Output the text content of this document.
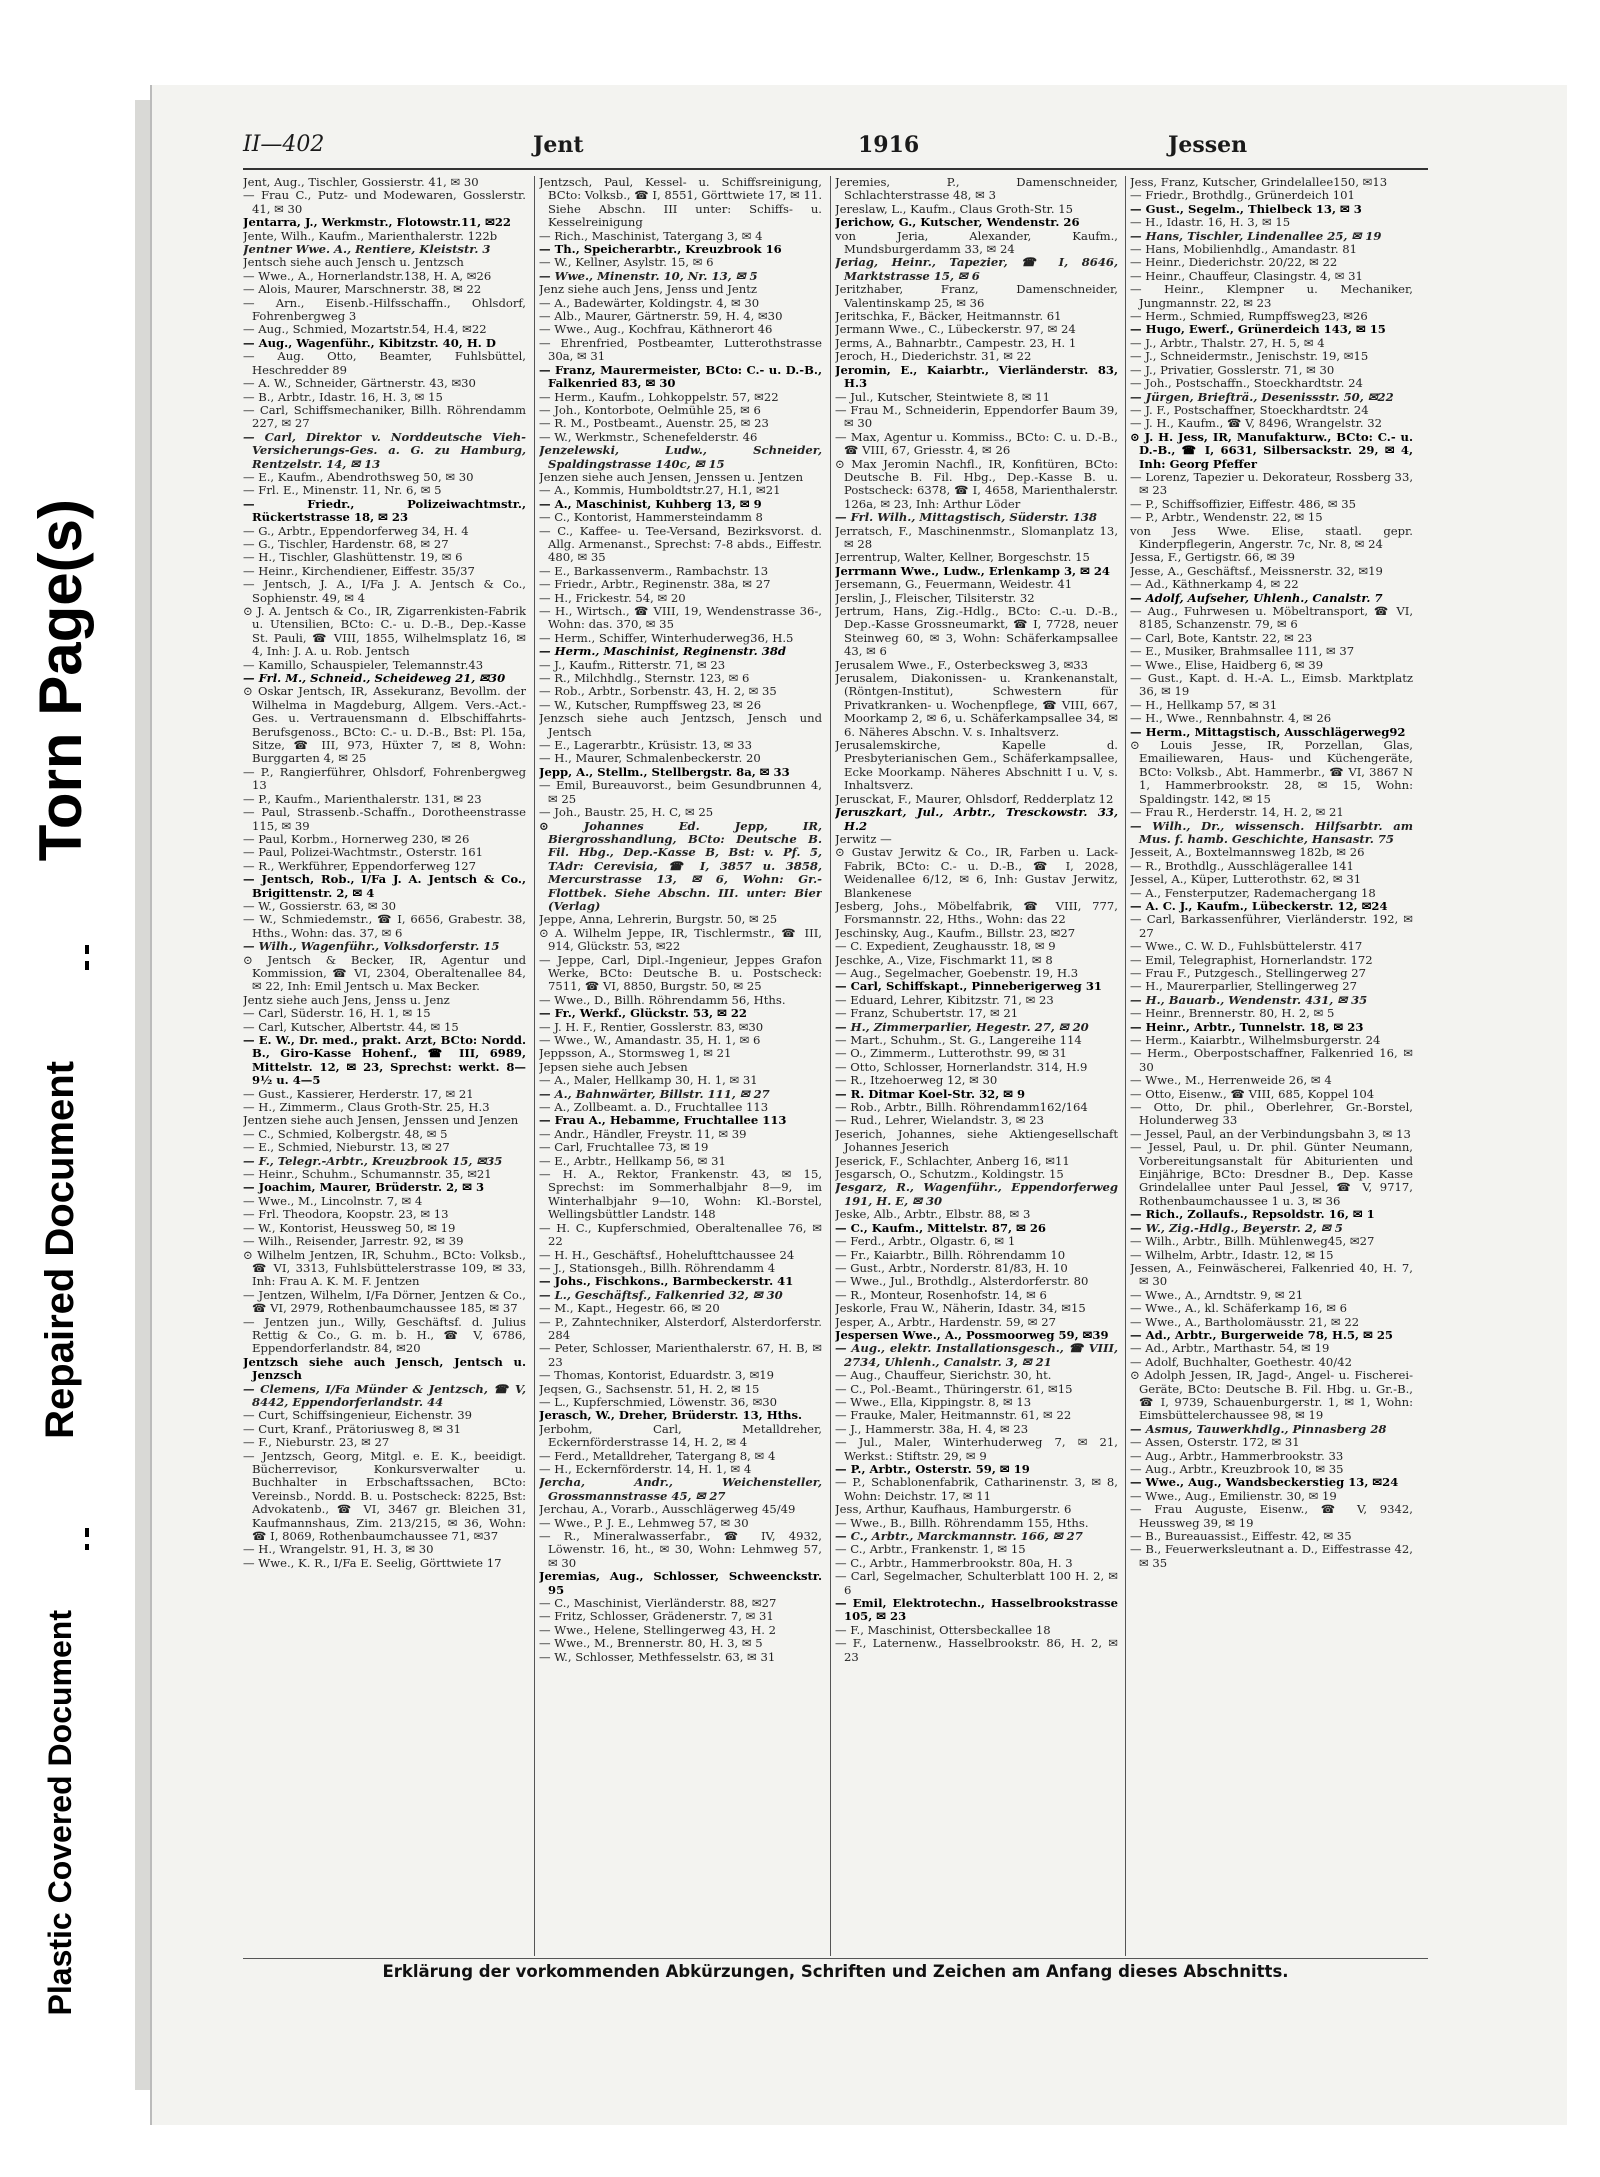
Torn Page(s)
Repaired Document
Plastic Covered Document
II—402	Jent	1916	Jessen

Jent, Aug., Tischler, Gossierstr. 41, ✉ 30

— Frau C., Putz- und Modewaren, Gosslerstr. 41, ✉ 30

Jentarra, J., Werkmstr., Flotowstr.11, ✉22

Jente, Wilh., Kaufm., Marienthalerstr. 122b

Jentner Wwe. A., Rentiere, Kleiststr. 3

Jentsch siehe auch Jensch u. Jentzsch

— Wwe., A., Hornerlandstr.138, H. A, ✉26

— Alois, Maurer, Marschnerstr. 38, ✉ 22

— Arn., Eisenb.-Hilfsschaffn., Ohlsdorf, Fohrenbergweg 3

— Aug., Schmied, Mozartstr.54, H.4, ✉22

— Aug., Wagenführ., Kibitzstr. 40, H. D

— Aug. Otto, Beamter, Fuhlsbüttel, Heschredder 89

— A. W., Schneider, Gärtnerstr. 43, ✉30

— B., Arbtr., Idastr. 16, H. 3, ✉ 15

— Carl, Schiffsmechaniker, Billh. Röhrendamm 227, ✉ 27

— Carl, Direktor v. Norddeutsche Vieh-Versicherungs-Ges. a. G. zu Hamburg, Rentzelstr. 14, ✉ 13

— E., Kaufm., Abendrothsweg 50, ✉ 30

— Frl. E., Minenstr. 11, Nr. 6, ✉ 5

— Friedr., Polizeiwachtmstr., Rückertstrasse 18, ✉ 23

— G., Arbtr., Eppendorferweg 34, H. 4

— G., Tischler, Hardenstr. 68, ✉ 27

— H., Tischler, Glashüttenstr. 19, ✉ 6

— Heinr., Kirchendiener, Eiffestr. 35/37

— Jentsch, J. A., I/Fa J. A. Jentsch & Co., Sophienstr. 49, ✉ 4

⊙ J. A. Jentsch & Co., IR, Zigarrenkisten-Fabrik u. Utensilien, BCto: C.- u. D.-B., Dep.-Kasse St. Pauli, ☎ VIII, 1855, Wilhelmsplatz 16, ✉ 4, Inh: J. A. u. Rob. Jentsch

— Kamillo, Schauspieler, Telemannstr.43

— Frl. M., Schneid., Scheideweg 21, ✉30

⊙ Oskar Jentsch, IR, Assekuranz, Bevollm. der Wilhelma in Magdeburg, Allgem. Vers.-Act.-Ges. u. Vertrauensmann d. Elbschiffahrts-Berufsgenoss., BCto: C.- u. D.-B., Bst: Pl. 15a, Sitze, ☎ III, 973, Hüxter 7, ✉ 8, Wohn: Burggarten 4, ✉ 25

— P., Rangierführer, Ohlsdorf, Fohrenbergweg 13

— P., Kaufm., Marienthalerstr. 131, ✉ 23

— Paul, Strassenb.-Schaffn., Dorotheenstrasse 115, ✉ 39

— Paul, Korbm., Hornerweg 230, ✉ 26

— Paul, Polizei-Wachtmstr., Osterstr. 161

— R., Werkführer, Eppendorferweg 127

— Jentsch, Rob., I/Fa J. A. Jentsch & Co., Brigittenstr. 2, ✉ 4

— W., Gossierstr. 63, ✉ 30

— W., Schmiedemstr., ☎ I, 6656, Grabestr. 38, Hths., Wohn: das. 37, ✉ 6

— Wilh., Wagenführ., Volksdorferstr. 15

⊙ Jentsch & Becker, IR, Agentur und Kommission, ☎ VI, 2304, Oberaltenallee 84, ✉ 22, Inh: Emil Jentsch u. Max Becker.

Jentz siehe auch Jens, Jenss u. Jenz

— Carl, Süderstr. 16, H. 1, ✉ 15

— Carl, Kutscher, Albertstr. 44, ✉ 15

— E. W., Dr. med., prakt. Arzt, BCto: Nordd. B., Giro-Kasse Hohenf., ☎ III, 6989, Mittelstr. 12, ✉ 23, Sprechst: werkt. 8—9½ u. 4—5

— Gust., Kassierer, Herderstr. 17, ✉ 21

— H., Zimmerm., Claus Groth-Str. 25, H.3

Jentzen siehe auch Jensen, Jenssen und Jenzen

— C., Schmied, Kolbergstr. 48, ✉ 5

— E., Schmied, Nieburstr. 13, ✉ 27

— F., Telegr.-Arbtr., Kreuzbrook 15, ✉35

— Heinr., Schuhm., Schumannstr. 35, ✉21

— Joachim, Maurer, Brüderstr. 2, ✉ 3

— Wwe., M., Lincolnstr. 7, ✉ 4

— Frl. Theodora, Koopstr. 23, ✉ 13

— W., Kontorist, Heussweg 50, ✉ 19

— Wilh., Reisender, Jarrestr. 92, ✉ 39

⊙ Wilhelm Jentzen, IR, Schuhm., BCto: Volksb., ☎ VI, 3313, Fuhlsbüttelerstrasse 109, ✉ 33, Inh: Frau A. K. M. F. Jentzen

— Jentzen, Wilhelm, I/Fa Dörner, Jentzen & Co., ☎ VI, 2979, Rothenbaumchaussee 185, ✉ 37

— Jentzen jun., Willy, Geschäftsf. d. Julius Rettig & Co., G. m. b. H., ☎ V, 6786, Eppendorferlandstr. 84, ✉20

Jentzsch siehe auch Jensch, Jentsch u. Jenzsch

— Clemens, I/Fa Münder & Jentzsch, ☎ V, 8442, Eppendorferlandstr. 44

— Curt, Schiffsingenieur, Eichenstr. 39

— Curt, Kranf., Prätoriusweg 8, ✉ 31

— F., Nieburstr. 23, ✉ 27

— Jentzsch, Georg, Mitgl. e. E. K., beeidigt. Bücherrevisor, Konkursverwalter u. Buchhalter in Erbschaftssachen, BCto: Vereinsb., Nordd. B. u. Postscheck: 8225, Bst: Advokatenb., ☎ VI, 3467 gr. Bleichen 31, Kaufmannshaus, Zim. 213/215, ✉ 36, Wohn: ☎ I, 8069, Rothenbaumchaussee 71, ✉37

— H., Wrangelstr. 91, H. 3, ✉ 30

— Wwe., K. R., I/Fa E. Seelig, Görttwiete 17

Jentzsch, Paul, Kessel- u. Schiffsreinigung, BCto: Volksb., ☎ I, 8551, Görttwiete 17, ✉ 11. Siehe Abschn. III unter: Schiffs- u. Kesselreinigung

— Rich., Maschinist, Tatergang 3, ✉ 4

— Th., Speicherarbtr., Kreuzbrook 16

— W., Kellner, Asylstr. 15, ✉ 6

— Wwe., Minenstr. 10, Nr. 13, ✉ 5

Jenz siehe auch Jens, Jenss und Jentz

— A., Badewärter, Koldingstr. 4, ✉ 30

— Alb., Maurer, Gärtnerstr. 59, H. 4, ✉30

— Wwe., Aug., Kochfrau, Käthnerort 46

— Ehrenfried, Postbeamter, Lutterothstrasse 30a, ✉ 31

— Franz, Maurermeister, BCto: C.- u. D.-B., Falkenried 83, ✉ 30

— Herm., Kaufm., Lohkoppelstr. 57, ✉22

— Joh., Kontorbote, Oelmühle 25, ✉ 6

— R. M., Postbeamt., Auenstr. 25, ✉ 23

— W., Werkmstr., Schenefelderstr. 46

Jenzelewski, Ludw., Schneider, Spaldingstrasse 140c, ✉ 15

Jenzen siehe auch Jensen, Jenssen u. Jentzen

— A., Kommis, Humboldtstr.27, H.1, ✉21

— A., Maschinist, Kuhberg 13, ✉ 9

— C., Kontorist, Hammersteindamm 8

— C., Kaffee- u. Tee-Versand, Bezirksvorst. d. Allg. Armenanst., Sprechst: 7-8 abds., Eiffestr. 480, ✉ 35

— E., Barkassenverm., Rambachstr. 13

— Friedr., Arbtr., Reginenstr. 38a, ✉ 27

— H., Frickestr. 54, ✉ 20

— H., Wirtsch., ☎ VIII, 19, Wendenstrasse 36-, Wohn: das. 370, ✉ 35

— Herm., Schiffer, Winterhuderweg36, H.5

— Herm., Maschinist, Reginenstr. 38d

— J., Kaufm., Ritterstr. 71, ✉ 23

— R., Milchhdlg., Sternstr. 123, ✉ 6

— Rob., Arbtr., Sorbenstr. 43, H. 2, ✉ 35

— W., Kutscher, Rumpffsweg 23, ✉ 26

Jenzsch siehe auch Jentzsch, Jensch und Jentsch

— E., Lagerarbtr., Krüsistr. 13, ✉ 33

— H., Maurer, Schmalenbeckerstr. 20

Jepp, A., Stellm., Stellbergstr. 8a, ✉ 33

— Emil, Bureauvorst., beim Gesundbrunnen 4, ✉ 25

— Joh., Baustr. 25, H. C, ✉ 25

⊙ Johannes Ed. Jepp, IR, Biergrosshandlung, BCto: Deutsche B. Fil. Hbg., Dep.-Kasse B, Bst: v. Pf. 5, TAdr: Cerevisia, ☎ I, 3857 u. 3858, Mercurstrasse 13, ✉ 6, Wohn: Gr.-Flottbek. Siehe Abschn. III. unter: Bier (Verlag)

Jeppe, Anna, Lehrerin, Burgstr. 50, ✉ 25

⊙ A. Wilhelm Jeppe, IR, Tischlermstr., ☎ III, 914, Glückstr. 53, ✉22

— Jeppe, Carl, Dipl.-Ingenieur, Jeppes Grafon Werke, BCto: Deutsche B. u. Postscheck: 7511, ☎ VI, 8850, Burgstr. 50, ✉ 25

— Wwe., D., Billh. Röhrendamm 56, Hths.

— Fr., Werkf., Glückstr. 53, ✉ 22

— J. H. F., Rentier, Gosslerstr. 83, ✉30

— Wwe., W., Amandastr. 35, H. 1, ✉ 6

Jeppsson, A., Stormsweg 1, ✉ 21

Jepsen siehe auch Jebsen

— A., Maler, Hellkamp 30, H. 1, ✉ 31

— A., Bahnwärter, Billstr. 111, ✉ 27

— A., Zollbeamt. a. D., Fruchtallee 113

— Frau A., Hebamme, Fruchtallee 113

— Andr., Händler, Freystr. 11, ✉ 39

— Carl, Fruchtallee 73, ✉ 19

— E., Arbtr., Hellkamp 56, ✉ 31

— H. A., Rektor, Frankenstr. 43, ✉ 15, Sprechst: im Sommerhalbjahr 8—9, im Winterhalbjahr 9—10, Wohn: Kl.-Borstel, Wellingsbüttler Landstr. 148

— H. C., Kupferschmied, Oberaltenallee 76, ✉ 22

— H. H., Geschäftsf., Hohelufttchaussee 24

— J., Stationsgeh., Billh. Röhrendamm 4

— Johs., Fischkons., Barmbeckerstr. 41

— L., Geschäftsf., Falkenried 32, ✉ 30

— M., Kapt., Hegestr. 66, ✉ 20

— P., Zahntechniker, Alsterdorf, Alsterdorferstr. 284

— Peter, Schlosser, Marienthalerstr. 67, H. B, ✉ 23

— Thomas, Kontorist, Eduardstr. 3, ✉19

Jeqsen, G., Sachsenstr. 51, H. 2, ✉ 15

— L., Kupferschmied, Löwenstr. 36, ✉30

Jerasch, W., Dreher, Brüderstr. 13, Hths.

Jerbohm, Carl, Metalldreher, Eckernförderstrasse 14, H. 2, ✉ 4

— Ferd., Metalldreher, Tatergang 8, ✉ 4

— H., Eckernförderstr. 14, H. 1, ✉ 4

Jercha, Andr., Weichensteller, Grossmannstrasse 45, ✉ 27

Jerchau, A., Vorarb., Ausschlägerweg 45/49

— Wwe., P. J. E., Lehmweg 57, ✉ 30

— R., Mineralwasserfabr., ☎ IV, 4932, Löwenstr. 16, ht., ✉ 30, Wohn: Lehmweg 57, ✉ 30

Jeremias, Aug., Schlosser, Schweenckstr. 95

— C., Maschinist, Vierländerstr. 88, ✉27

— Fritz, Schlosser, Grädenerstr. 7, ✉ 31

— Wwe., Helene, Stellingerweg 43, H. 2

— Wwe., M., Brennerstr. 80, H. 3, ✉ 5

— W., Schlosser, Methfesselstr. 63, ✉ 31

Jeremies, P., Damenschneider, Schlachterstrasse 48, ✉ 3

Jereslaw, L., Kaufm., Claus Groth-Str. 15

Jerichow, G., Kutscher, Wendenstr. 26

von Jeria, Alexander, Kaufm., Mundsburgerdamm 33, ✉ 24

Jeriag, Heinr., Tapezier, ☎ I, 8646, Marktstrasse 15, ✉ 6

Jeritzhaber, Franz, Damenschneider, Valentinskamp 25, ✉ 36

Jeritschka, F., Bäcker, Heitmannstr. 61

Jermann Wwe., C., Lübeckerstr. 97, ✉ 24

Jerms, A., Bahnarbtr., Campestr. 23, H. 1

Jeroch, H., Diederichstr. 31, ✉ 22

Jeromin, E., Kaiarbtr., Vierländerstr. 83, H.3

— Jul., Kutscher, Steintwiete 8, ✉ 11

— Frau M., Schneiderin, Eppendorfer Baum 39, ✉ 30

— Max, Agentur u. Kommiss., BCto: C. u. D.-B., ☎ VIII, 67, Griesstr. 4, ✉ 26

⊙ Max Jeromin Nachfl., IR, Konfitüren, BCto: Deutsche B. Fil. Hbg., Dep.-Kasse B. u. Postscheck: 6378, ☎ I, 4658, Marienthalerstr. 126a, ✉ 23, Inh: Arthur Löder

— Frl. Wilh., Mittagstisch, Süderstr. 138

Jerratsch, F., Maschinenmstr., Slomanplatz 13, ✉ 28

Jerrentrup, Walter, Kellner, Borgeschstr. 15

Jerrmann Wwe., Ludw., Erlenkamp 3, ✉ 24

Jersemann, G., Feuermann, Weidestr. 41

Jerslin, J., Fleischer, Tilsiterstr. 32

Jertrum, Hans, Zig.-Hdlg., BCto: C.-u. D.-B., Dep.-Kasse Grossneumarkt, ☎ I, 7728, neuer Steinweg 60, ✉ 3, Wohn: Schäferkampsallee 43, ✉ 6

Jerusalem Wwe., F., Osterbecksweg 3, ✉33

Jerusalem, Diakonissen- u. Krankenanstalt, (Röntgen-Institut), Schwestern für Privatkranken- u. Wochenpflege, ☎ VIII, 667, Moorkamp 2, ✉ 6, u. Schäferkampsallee 34, ✉ 6. Näheres Abschn. V. s. Inhaltsverz.

Jerusalemskirche, Kapelle d. Presbyterianischen Gem., Schäferkampsallee, Ecke Moorkamp. Näheres Abschnitt I u. V, s. Inhaltsverz.

Jerusckat, F., Maurer, Ohlsdorf, Redderplatz 12

Jeruszkart, Jul., Arbtr., Tresckowstr. 33, H.2

Jerwitz —

⊙ Gustav Jerwitz & Co., IR, Farben u. Lack-Fabrik, BCto: C.- u. D.-B., ☎ I, 2028, Weidenallee 6/12, ✉ 6, Inh: Gustav Jerwitz, Blankenese

Jesberg, Johs., Möbelfabrik, ☎ VIII, 777, Forsmannstr. 22, Hths., Wohn: das 22

Jeschinsky, Aug., Kaufm., Billstr. 23, ✉27

— C. Expedient, Zeughausstr. 18, ✉ 9

Jeschke, A., Vize, Fischmarkt 11, ✉ 8

— Aug., Segelmacher, Goebenstr. 19, H.3

— Carl, Schiffskapt., Pinneberigerweg 31

— Eduard, Lehrer, Kibitzstr. 71, ✉ 23

— Franz, Schubertstr. 17, ✉ 21

— H., Zimmerparlier, Hegestr. 27, ✉ 20

— Mart., Schuhm., St. G., Langereihe 114

— O., Zimmerm., Lutterothstr. 99, ✉ 31

— Otto, Schlosser, Hornerlandstr. 314, H.9

— R., Itzehoerweg 12, ✉ 30

— R. Ditmar Koel-Str. 32, ✉ 9

— Rob., Arbtr., Billh. Röhrendamm162/164

— Rud., Lehrer, Wielandstr. 3, ✉ 23

Jeserich, Johannes, siehe Aktiengesellschaft Johannes Jeserich

Jeserick, F., Schlachter, Anberg 16, ✉11

Jesgarsch, O., Schutzm., Koldingstr. 15

Jesgarz, R., Wagenführ., Eppendorferweg 191, H. E, ✉ 30

Jeske, Alb., Arbtr., Elbstr. 88, ✉ 3

— C., Kaufm., Mittelstr. 87, ✉ 26

— Ferd., Arbtr., Olgastr. 6, ✉ 1

— Fr., Kaiarbtr., Billh. Röhrendamm 10

— Gust., Arbtr., Norderstr. 81/83, H. 10

— Wwe., Jul., Brothdlg., Alsterdorferstr. 80

— R., Monteur, Rosenhofstr. 14, ✉ 6

Jeskorle, Frau W., Näherin, Idastr. 34, ✉15

Jesper, A., Arbtr., Hardenstr. 59, ✉ 27

Jespersen Wwe., A., Possmoorweg 59, ✉39

— Aug., elektr. Installationsgesch., ☎ VIII, 2734, Uhlenh., Canalstr. 3, ✉ 21

— Aug., Chauffeur, Sierichstr. 30, ht.

— C., Pol.-Beamt., Thüringerstr. 61, ✉15

— Wwe., Ella, Kippingstr. 8, ✉ 13

— Frauke, Maler, Heitmannstr. 61, ✉ 22

— J., Hammerstr. 38a, H. 4, ✉ 23

— Jul., Maler, Winterhuderweg 7, ✉ 21, Werkst.: Stiftstr. 29, ✉ 9

— P., Arbtr., Osterstr. 59, ✉ 19

— P., Schablonenfabrik, Catharinenstr. 3, ✉ 8, Wohn: Deichstr. 17, ✉ 11

Jess, Arthur, Kaufhaus, Hamburgerstr. 6

— Wwe., B., Billh. Röhrendamm 155, Hths.

— C., Arbtr., Marckmannstr. 166, ✉ 27

— C., Arbtr., Frankenstr. 1, ✉ 15

— C., Arbtr., Hammerbrookstr. 80a, H. 3

— Carl, Segelmacher, Schulterblatt 100 H. 2, ✉ 6

— Emil, Elektrotechn., Hasselbrookstrasse 105, ✉ 23

— F., Maschinist, Ottersbeckallee 18

— F., Laternenw., Hasselbrookstr. 86, H. 2, ✉ 23

Jess, Franz, Kutscher, Grindelallee150, ✉13

— Friedr., Brothdlg., Grünerdeich 101

— Gust., Segelm., Thielbeck 13, ✉ 3

— H., Idastr. 16, H. 3, ✉ 15

— Hans, Tischler, Lindenallee 25, ✉ 19

— Hans, Mobilienhdlg., Amandastr. 81

— Heinr., Diederichstr. 20/22, ✉ 22

— Heinr., Chauffeur, Clasingstr. 4, ✉ 31

— Heinr., Klempner u. Mechaniker, Jungmannstr. 22, ✉ 23

— Herm., Schmied, Rumpffsweg23, ✉26

— Hugo, Ewerf., Grünerdeich 143, ✉ 15

— J., Arbtr., Thalstr. 27, H. 5, ✉ 4

— J., Schneidermstr., Jenischstr. 19, ✉15

— J., Privatier, Gosslerstr. 71, ✉ 30

— Joh., Postschaffn., Stoeckhardtstr. 24

— Jürgen, Briefträ., Desenissstr. 50, ✉22

— J. F., Postschaffner, Stoeckhardtstr. 24

— J. H., Kaufm., ☎ V, 8496, Wrangelstr. 32

⊙ J. H. Jess, IR, Manufakturw., BCto: C.- u. D.-B., ☎ I, 6631, Silbersackstr. 29, ✉ 4, Inh: Georg Pfeffer

— Lorenz, Tapezier u. Dekorateur, Rossberg 33, ✉ 23

— P., Schiffsoffizier, Eiffestr. 486, ✉ 35

— P., Arbtr., Wendenstr. 22, ✉ 15

von Jess Wwe. Elise, staatl. gepr. Kinderpflegerin, Angerstr. 7c, Nr. 8, ✉ 24

Jessa, F., Gertigstr. 66, ✉ 39

Jesse, A., Geschäftsf., Meissnerstr. 32, ✉19

— Ad., Käthnerkamp 4, ✉ 22

— Adolf, Aufseher, Uhlenh., Canalstr. 7

— Aug., Fuhrwesen u. Möbeltransport, ☎ VI, 8185, Schanzenstr. 79, ✉ 6

— Carl, Bote, Kantstr. 22, ✉ 23

— E., Musiker, Brahmsallee 111, ✉ 37

— Wwe., Elise, Haidberg 6, ✉ 39

— Gust., Kapt. d. H.-A. L., Eimsb. Marktplatz 36, ✉ 19

— H., Hellkamp 57, ✉ 31

— H., Wwe., Rennbahnstr. 4, ✉ 26

— Herm., Mittagstisch, Ausschlägerweg92

⊙ Louis Jesse, IR, Porzellan, Glas, Emailiewaren, Haus- und Küchengeräte, BCto: Volksb., Abt. Hammerbr., ☎ VI, 3867 N 1, Hammerbrookstr. 28, ✉ 15, Wohn: Spaldingstr. 142, ✉ 15

— Frau R., Herderstr. 14, H. 2, ✉ 21

— Wilh., Dr., wissensch. Hilfsarbtr. am Mus. f. hamb. Geschichte, Hansastr. 75

Jesseit, A., Boxtelmannsweg 182b, ✉ 26

— R., Brothdlg., Ausschlägerallee 141

Jessel, A., Küper, Lutterothstr. 62, ✉ 31

— A., Fensterputzer, Rademachergang 18

— A. C. J., Kaufm., Lübeckerstr. 12, ✉24

— Carl, Barkassenführer, Vierländerstr. 192, ✉ 27

— Wwe., C. W. D., Fuhlsbüttelerstr. 417

— Emil, Telegraphist, Hornerlandstr. 172

— Frau F., Putzgesch., Stellingerweg 27

— H., Maurerparlier, Stellingerweg 27

— H., Bauarb., Wendenstr. 431, ✉ 35

— Heinr., Brennerstr. 80, H. 2, ✉ 5

— Heinr., Arbtr., Tunnelstr. 18, ✉ 23

— Herm., Kaiarbtr., Wilhelmsburgerstr. 24

— Herm., Oberpostschaffner, Falkenried 16, ✉ 30

— Wwe., M., Herrenweide 26, ✉ 4

— Otto, Eisenw., ☎ VIII, 685, Koppel 104

— Otto, Dr. phil., Oberlehrer, Gr.-Borstel, Holunderweg 33

— Jessel, Paul, an der Verbindungsbahn 3, ✉ 13

— Jessel, Paul, u. Dr. phil. Günter Neumann, Vorbereitungsanstalt für Abiturienten und Einjährige, BCto: Dresdner B., Dep. Kasse Grindelallee unter Paul Jessel, ☎ V, 9717, Rothenbaumchaussee 1 u. 3, ✉ 36

— Rich., Zollaufs., Repsoldstr. 16, ✉ 1

— W., Zig.-Hdlg., Beyerstr. 2, ✉ 5

— Wilh., Arbtr., Billh. Mühlenweg45, ✉27

— Wilhelm, Arbtr., Idastr. 12, ✉ 15

Jessen, A., Feinwäscherei, Falkenried 40, H. 7, ✉ 30

— Wwe., A., Arndtstr. 9, ✉ 21

— Wwe., A., kl. Schäferkamp 16, ✉ 6

— Wwe., A., Bartholomäusstr. 21, ✉ 22

— Ad., Arbtr., Burgerweide 78, H.5, ✉ 25

— Ad., Arbtr., Marthastr. 54, ✉ 19

— Adolf, Buchhalter, Goethestr. 40/42

⊙ Adolph Jessen, IR, Jagd-, Angel- u. Fischerei-Geräte, BCto: Deutsche B. Fil. Hbg. u. Gr.-B., ☎ I, 9739, Schauenburgerstr. 1, ✉ 1, Wohn: Eimsbüttelerchaussee 98, ✉ 19

— Asmus, Tauwerkhdlg., Pinnasberg 28

— Assen, Osterstr. 172, ✉ 31

— Aug., Arbtr., Hammerbrookstr. 33

— Aug., Arbtr., Kreuzbrook 10, ✉ 35

— Wwe., Aug., Wandsbeckerstieg 13, ✉24

— Wwe., Aug., Emilienstr. 30, ✉ 19

— Frau Auguste, Eisenw., ☎ V, 9342, Heussweg 39, ✉ 19

— B., Bureauassist., Eiffestr. 42, ✉ 35

— B., Feuerwerksleutnant a. D., Eiffestrasse 42, ✉ 35

Erklärung der vorkommenden Abkürzungen, Schriften und Zeichen am Anfang dieses Abschnitts.
